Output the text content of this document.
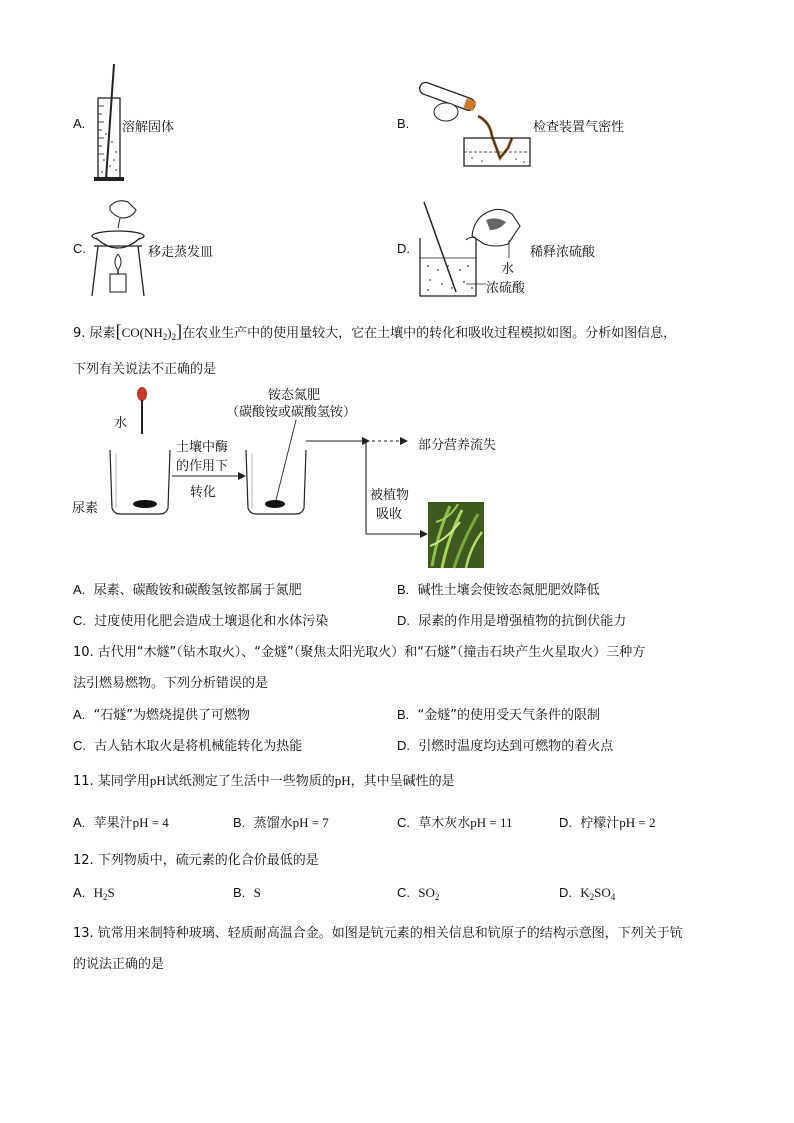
A.	溶解固体	B.	检查装置气密性
C.	移走蒸发皿	D.	稀释浓硫酸
水
浓硫酸
9. 尿素$[CO(NH_2)_2]$在农业生产中的使用量较大，它在土壤中的转化和吸收过程模拟如图。分析如图信息，
下列有关说法不正确的是
水
尿素
土壤中酶
的作用下
转化
铵态氮肥
（碳酸铵或碳酸氢铵）
部分营养流失
被植物
吸收
A. 尿素、碳酸铵和碳酸氢铵都属于氮肥	B. 碱性土壤会使铵态氮肥肥效降低
C. 过度使用化肥会造成土壤退化和水体污染	D. 尿素的作用是增强植物的抗倒伏能力
10. 古代用“木燧”（钻木取火）、“金燧”（聚焦太阳光取火）和“石燧”（撞击石块产生火星取火）三种方
法引燃易燃物。下列分析错误的是
A. “石燧”为燃烧提供了可燃物	B. “金燧”的使用受天气条件的限制
C. 古人钻木取火是将机械能转化为热能	D. 引燃时温度均达到可燃物的着火点
11. 某同学用pH试纸测定了生活中一些物质的pH，其中呈碱性的是
A. 苹果汁pH = 4	B. 蒸馏水pH = 7	C. 草木灰水pH = 11	D. 柠檬汁pH = 2
12. 下列物质中，硫元素的化合价最低的是
A. $H_2S$	B. S	C. $SO_2$	D. $K_2SO_4$
13. 钪常用来制特种玻璃、轻质耐高温合金。如图是钪元素的相关信息和钪原子的结构示意图，下列关于钪
的说法正确的是
